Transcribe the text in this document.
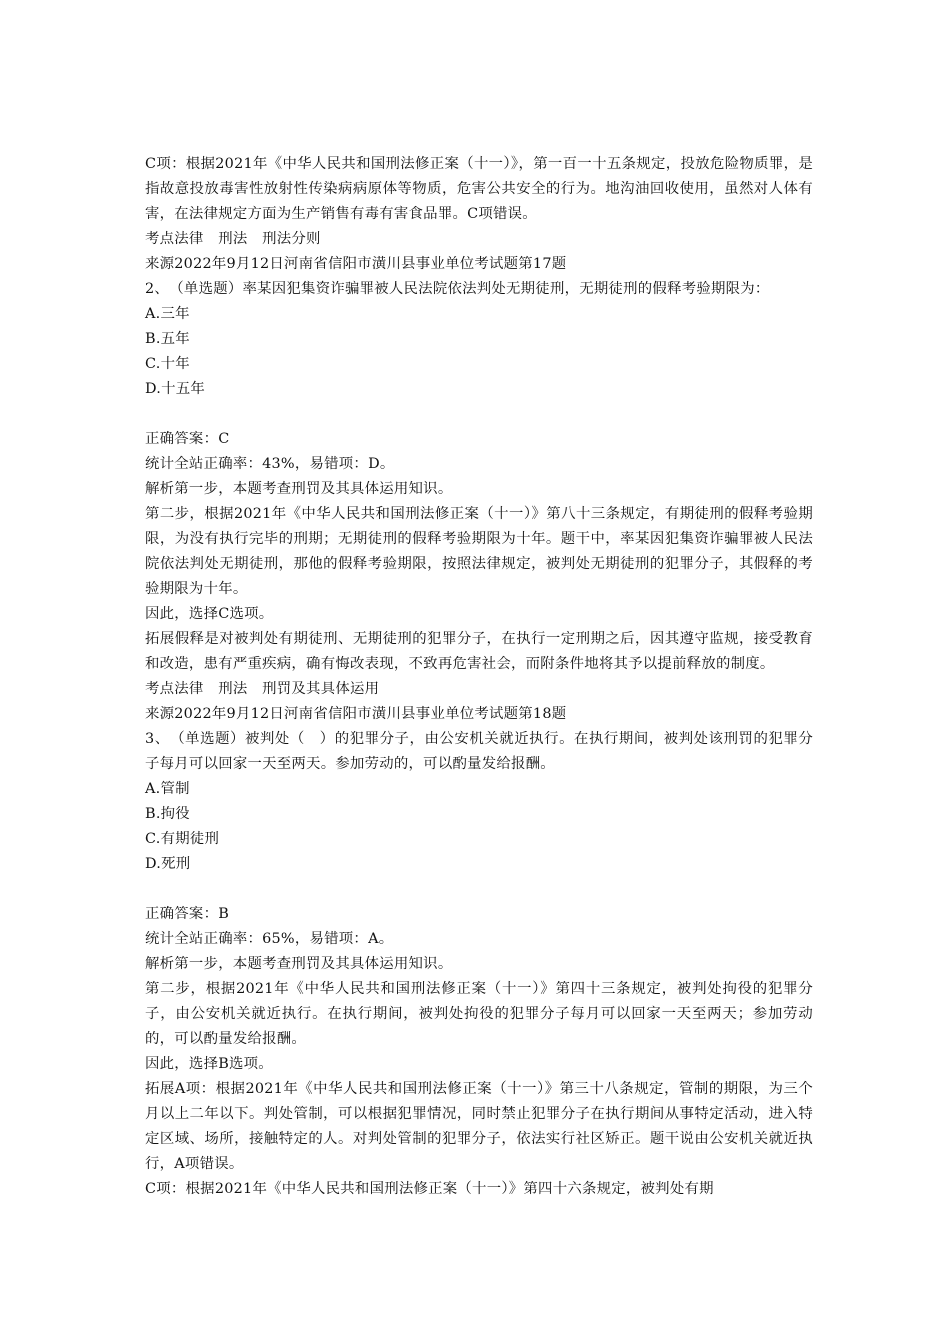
C项：根据2021年《中华人民共和国刑法修正案（十一）》，第一百一十五条规定，投放危险物质罪，是指故意投放毒害性放射性传染病病原体等物质，危害公共安全的行为。地沟油回收使用，虽然对人体有害，在法律规定方面为生产销售有毒有害食品罪。C项错误。
考点法律　刑法　刑法分则
来源2022年9月12日河南省信阳市潢川县事业单位考试题第17题
2、　（单选题）率某因犯集资诈骗罪被人民法院依法判处无期徒刑，无期徒刑的假释考验期限为：
A.三年
B.五年
C.十年
D.十五年
正确答案：C
统计全站正确率：43%，易错项：D。
解析第一步，本题考查刑罚及其具体运用知识。
第二步，根据2021年《中华人民共和国刑法修正案（十一）》第八十三条规定，有期徒刑的假释考验期限，为没有执行完毕的刑期；无期徒刑的假释考验期限为十年。题干中，率某因犯集资诈骗罪被人民法院依法判处无期徒刑，那他的假释考验期限，按照法律规定，被判处无期徒刑的犯罪分子，其假释的考验期限为十年。
因此，选择C选项。
拓展假释是对被判处有期徒刑、无期徒刑的犯罪分子，在执行一定刑期之后，因其遵守监规，接受教育和改造，患有严重疾病，确有悔改表现，不致再危害社会，而附条件地将其予以提前释放的制度。
考点法律　刑法　刑罚及其具体运用
来源2022年9月12日河南省信阳市潢川县事业单位考试题第18题
3、　（单选题）被判处（　）的犯罪分子，由公安机关就近执行。在执行期间，被判处该刑罚的犯罪分子每月可以回家一天至两天。参加劳动的，可以酌量发给报酬。
A.管制
B.拘役
C.有期徒刑
D.死刑
正确答案：B
统计全站正确率：65%，易错项：A。
解析第一步，本题考查刑罚及其具体运用知识。
第二步，根据2021年《中华人民共和国刑法修正案（十一）》第四十三条规定，被判处拘役的犯罪分子，由公安机关就近执行。在执行期间，被判处拘役的犯罪分子每月可以回家一天至两天；参加劳动的，可以酌量发给报酬。
因此，选择B选项。
拓展A项：根据2021年《中华人民共和国刑法修正案（十一）》第三十八条规定，管制的期限，为三个月以上二年以下。判处管制，可以根据犯罪情况，同时禁止犯罪分子在执行期间从事特定活动，进入特定区域、场所，接触特定的人。对判处管制的犯罪分子，依法实行社区矫正。题干说由公安机关就近执行，A项错误。
C项：根据2021年《中华人民共和国刑法修正案（十一）》第四十六条规定，被判处有期
